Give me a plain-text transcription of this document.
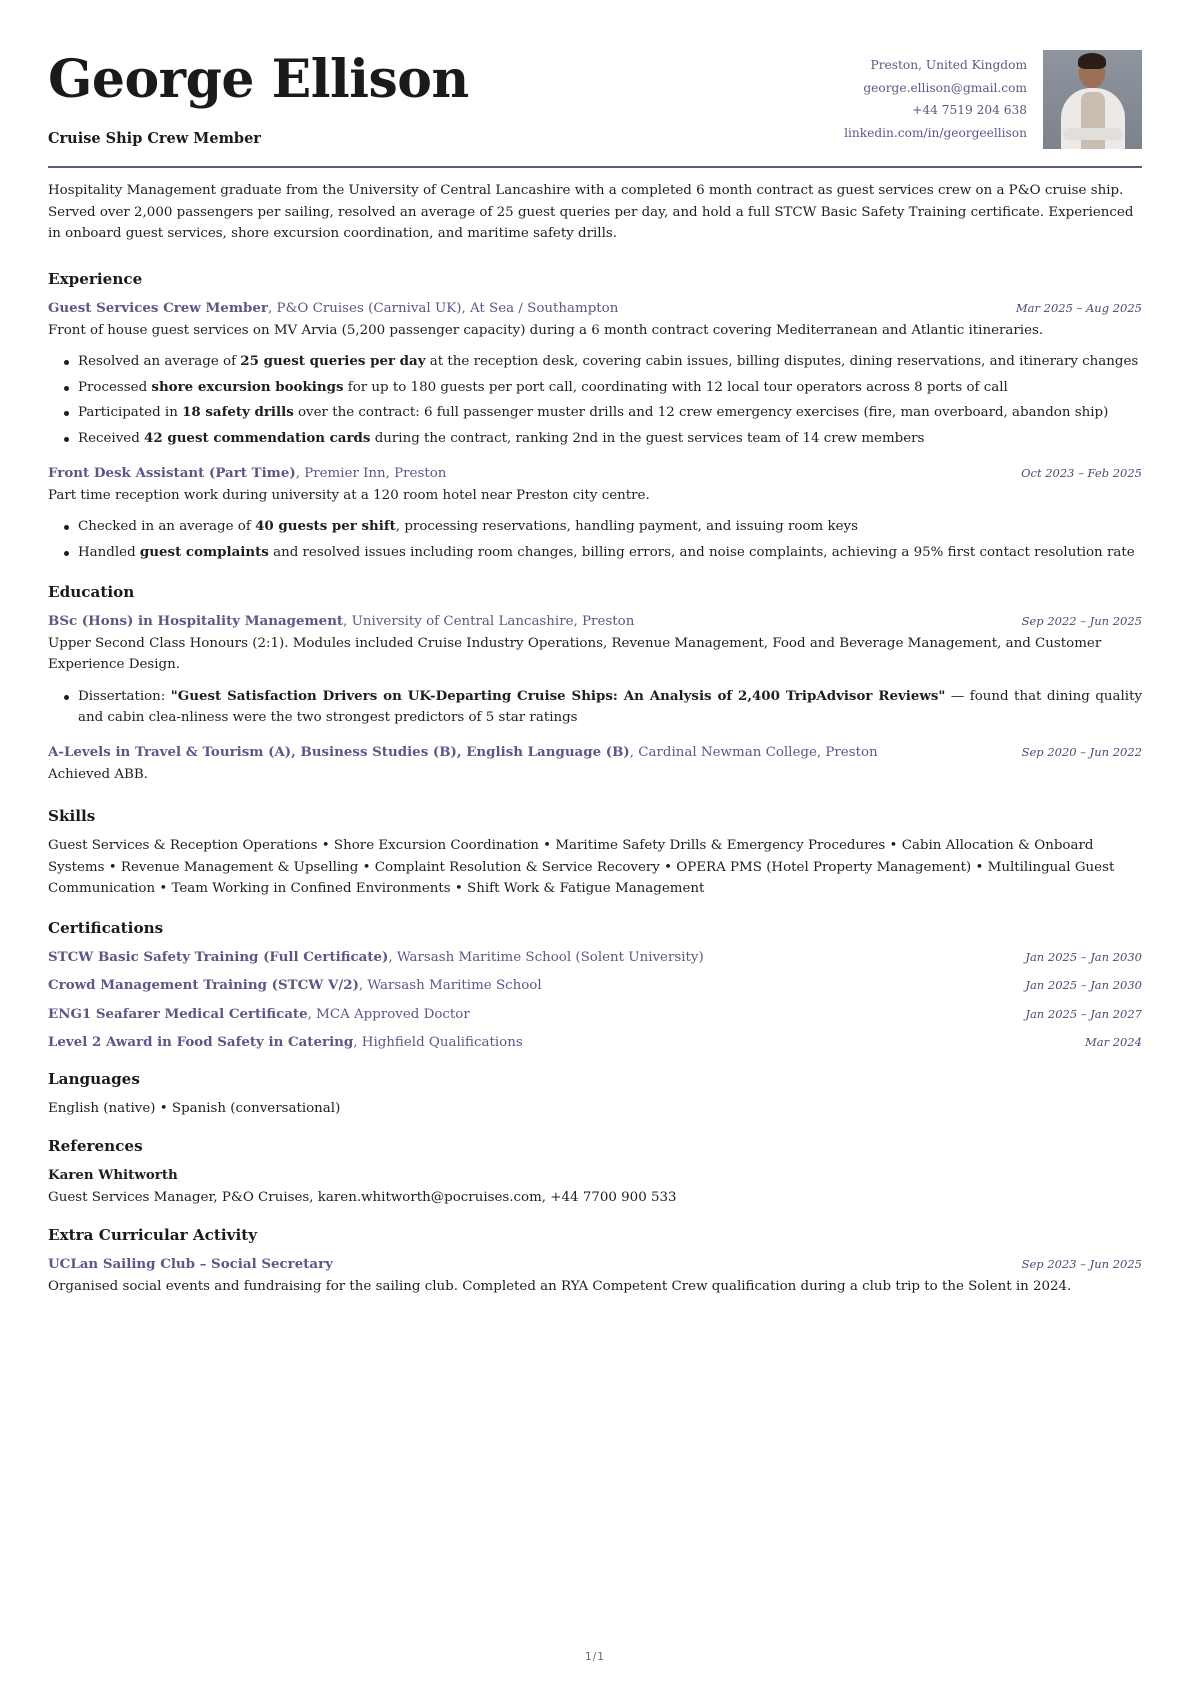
George Ellison
Cruise Ship Crew Member
Preston, United Kingdom
george.ellison@gmail.com
+44 7519 204 638
linkedin.com/in/georgeellison

Hospitality Management graduate from the University of Central Lancashire with a completed 6 month contract as guest services crew on a P&O cruise ship. Served over 2,000 passengers per sailing, resolved an average of 25 guest queries per day, and hold a full STCW Basic Safety Training certificate. Experienced in onboard guest services, shore excursion coordination, and maritime safety drills.

Experience
Guest Services Crew Member, P&O Cruises (Carnival UK), At Sea / Southampton	Mar 2025 – Aug 2025
Front of house guest services on MV Arvia (5,200 passenger capacity) during a 6 month contract covering Mediterranean and Atlantic itineraries.
Resolved an average of 25 guest queries per day at the reception desk, covering cabin issues, billing disputes, dining reservations, and itinerary changes
Processed shore excursion bookings for up to 180 guests per port call, coordinating with 12 local tour operators across 8 ports of call
Participated in 18 safety drills over the contract: 6 full passenger muster drills and 12 crew emergency exercises (fire, man overboard, abandon ship)
Received 42 guest commendation cards during the contract, ranking 2nd in the guest services team of 14 crew members
Front Desk Assistant (Part Time), Premier Inn, Preston	Oct 2023 – Feb 2025
Part time reception work during university at a 120 room hotel near Preston city centre.
Checked in an average of 40 guests per shift, processing reservations, handling payment, and issuing room keys
Handled guest complaints and resolved issues including room changes, billing errors, and noise complaints, achieving a 95% first contact resolution rate
Education
BSc (Hons) in Hospitality Management, University of Central Lancashire, Preston	Sep 2022 – Jun 2025
Upper Second Class Honours (2:1). Modules included Cruise Industry Operations, Revenue Management, Food and Beverage Management, and Customer Experience Design.
Dissertation: "Guest Satisfaction Drivers on UK-Departing Cruise Ships: An Analysis of 2,400 TripAdvisor Reviews" — found that dining quality and cabin clea-nliness were the two strongest predictors of 5 star ratings
A-Levels in Travel & Tourism (A), Business Studies (B), English Language (B), Cardinal Newman College, Preston	Sep 2020 – Jun 2022
Achieved ABB.
Skills
Guest Services & Reception Operations • Shore Excursion Coordination • Maritime Safety Drills & Emergency Procedures • Cabin Allocation & Onboard Systems • Revenue Management & Upselling • Complaint Resolution & Service Recovery • OPERA PMS (Hotel Property Management) • Multilingual Guest Communication • Team Working in Confined Environments • Shift Work & Fatigue Management
Certifications
STCW Basic Safety Training (Full Certificate), Warsash Maritime School (Solent University)	Jan 2025 – Jan 2030
Crowd Management Training (STCW V/2), Warsash Maritime School	Jan 2025 – Jan 2030
ENG1 Seafarer Medical Certificate, MCA Approved Doctor	Jan 2025 – Jan 2027
Level 2 Award in Food Safety in Catering, Highfield Qualifications	Mar 2024
Languages
English (native) • Spanish (conversational)
References
Karen Whitworth
Guest Services Manager, P&O Cruises, karen.whitworth@pocruises.com, +44 7700 900 533
Extra Curricular Activity
UCLan Sailing Club – Social Secretary	Sep 2023 – Jun 2025
Organised social events and fundraising for the sailing club. Completed an RYA Competent Crew qualification during a club trip to the Solent in 2024.
1/1
